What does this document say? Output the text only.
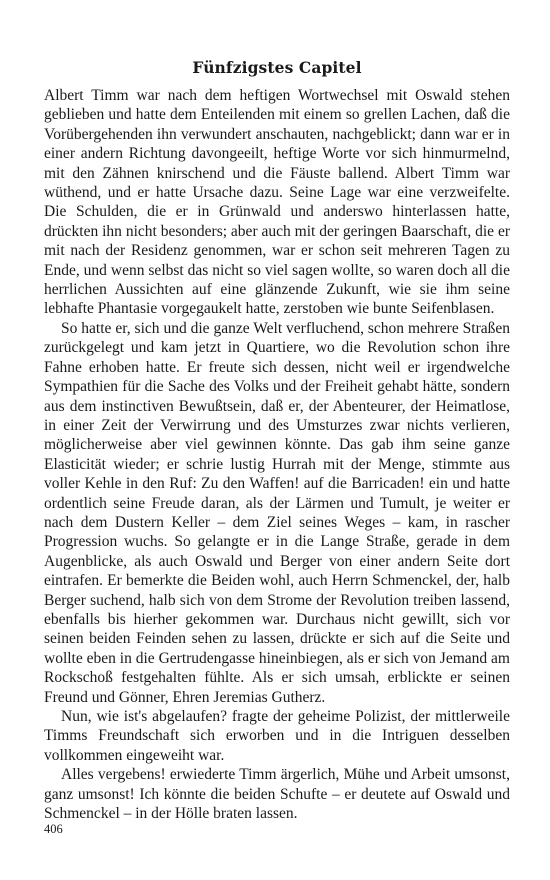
Fünfzigstes Capitel

Albert Timm war nach dem heftigen Wortwechsel mit Oswald stehen geblieben und hatte dem Enteilenden mit einem so grellen Lachen, daß die Vorübergehenden ihn verwundert anschauten, nachgeblickt; dann war er in einer andern Richtung davongeeilt, heftige Worte vor sich hinmurmelnd, mit den Zähnen knirschend und die Fäuste ballend. Albert Timm war wüthend, und er hatte Ursache dazu. Seine Lage war eine verzweifelte. Die Schulden, die er in Grünwald und anderswo hinterlassen hatte, drückten ihn nicht besonders; aber auch mit der geringen Baarschaft, die er mit nach der Residenz genommen, war er schon seit mehreren Tagen zu Ende, und wenn selbst das nicht so viel sagen wollte, so waren doch all die herrlichen Aussichten auf eine glänzende Zukunft, wie sie ihm seine lebhafte Phantasie vorgegaukelt hatte, zerstoben wie bunte Seifenblasen.

So hatte er, sich und die ganze Welt verfluchend, schon mehrere Straßen zurückgelegt und kam jetzt in Quartiere, wo die Revolution schon ihre Fahne erhoben hatte. Er freute sich dessen, nicht weil er irgendwelche Sympathien für die Sache des Volks und der Freiheit gehabt hätte, sondern aus dem instinctiven Bewußtsein, daß er, der Abenteurer, der Heimatlose, in einer Zeit der Verwirrung und des Umsturzes zwar nichts verlieren, möglicherweise aber viel gewinnen könnte. Das gab ihm seine ganze Elasticität wieder; er schrie lustig Hurrah mit der Menge, stimmte aus voller Kehle in den Ruf: Zu den Waffen! auf die Barricaden! ein und hatte ordentlich seine Freude daran, als der Lärmen und Tumult, je weiter er nach dem Dustern Keller – dem Ziel seines Weges – kam, in rascher Progression wuchs. So gelangte er in die Lange Straße, gerade in dem Augenblicke, als auch Oswald und Berger von einer andern Seite dort eintrafen. Er bemerkte die Beiden wohl, auch Herrn Schmenckel, der, halb Berger suchend, halb sich von dem Strome der Revolution treiben lassend, ebenfalls bis hierher gekommen war. Durchaus nicht gewillt, sich vor seinen beiden Feinden sehen zu lassen, drückte er sich auf die Seite und wollte eben in die Gertrudengasse hineinbiegen, als er sich von Jemand am Rockschoß festgehalten fühlte. Als er sich umsah, erblickte er seinen Freund und Gönner, Ehren Jeremias Gutherz.

Nun, wie ist's abgelaufen? fragte der geheime Polizist, der mittlerweile Timms Freundschaft sich erworben und in die Intriguen desselben vollkommen eingeweiht war.

Alles vergebens! erwiederte Timm ärgerlich, Mühe und Arbeit umsonst, ganz umsonst! Ich könnte die beiden Schufte – er deutete auf Oswald und Schmenckel – in der Hölle braten lassen.

406
